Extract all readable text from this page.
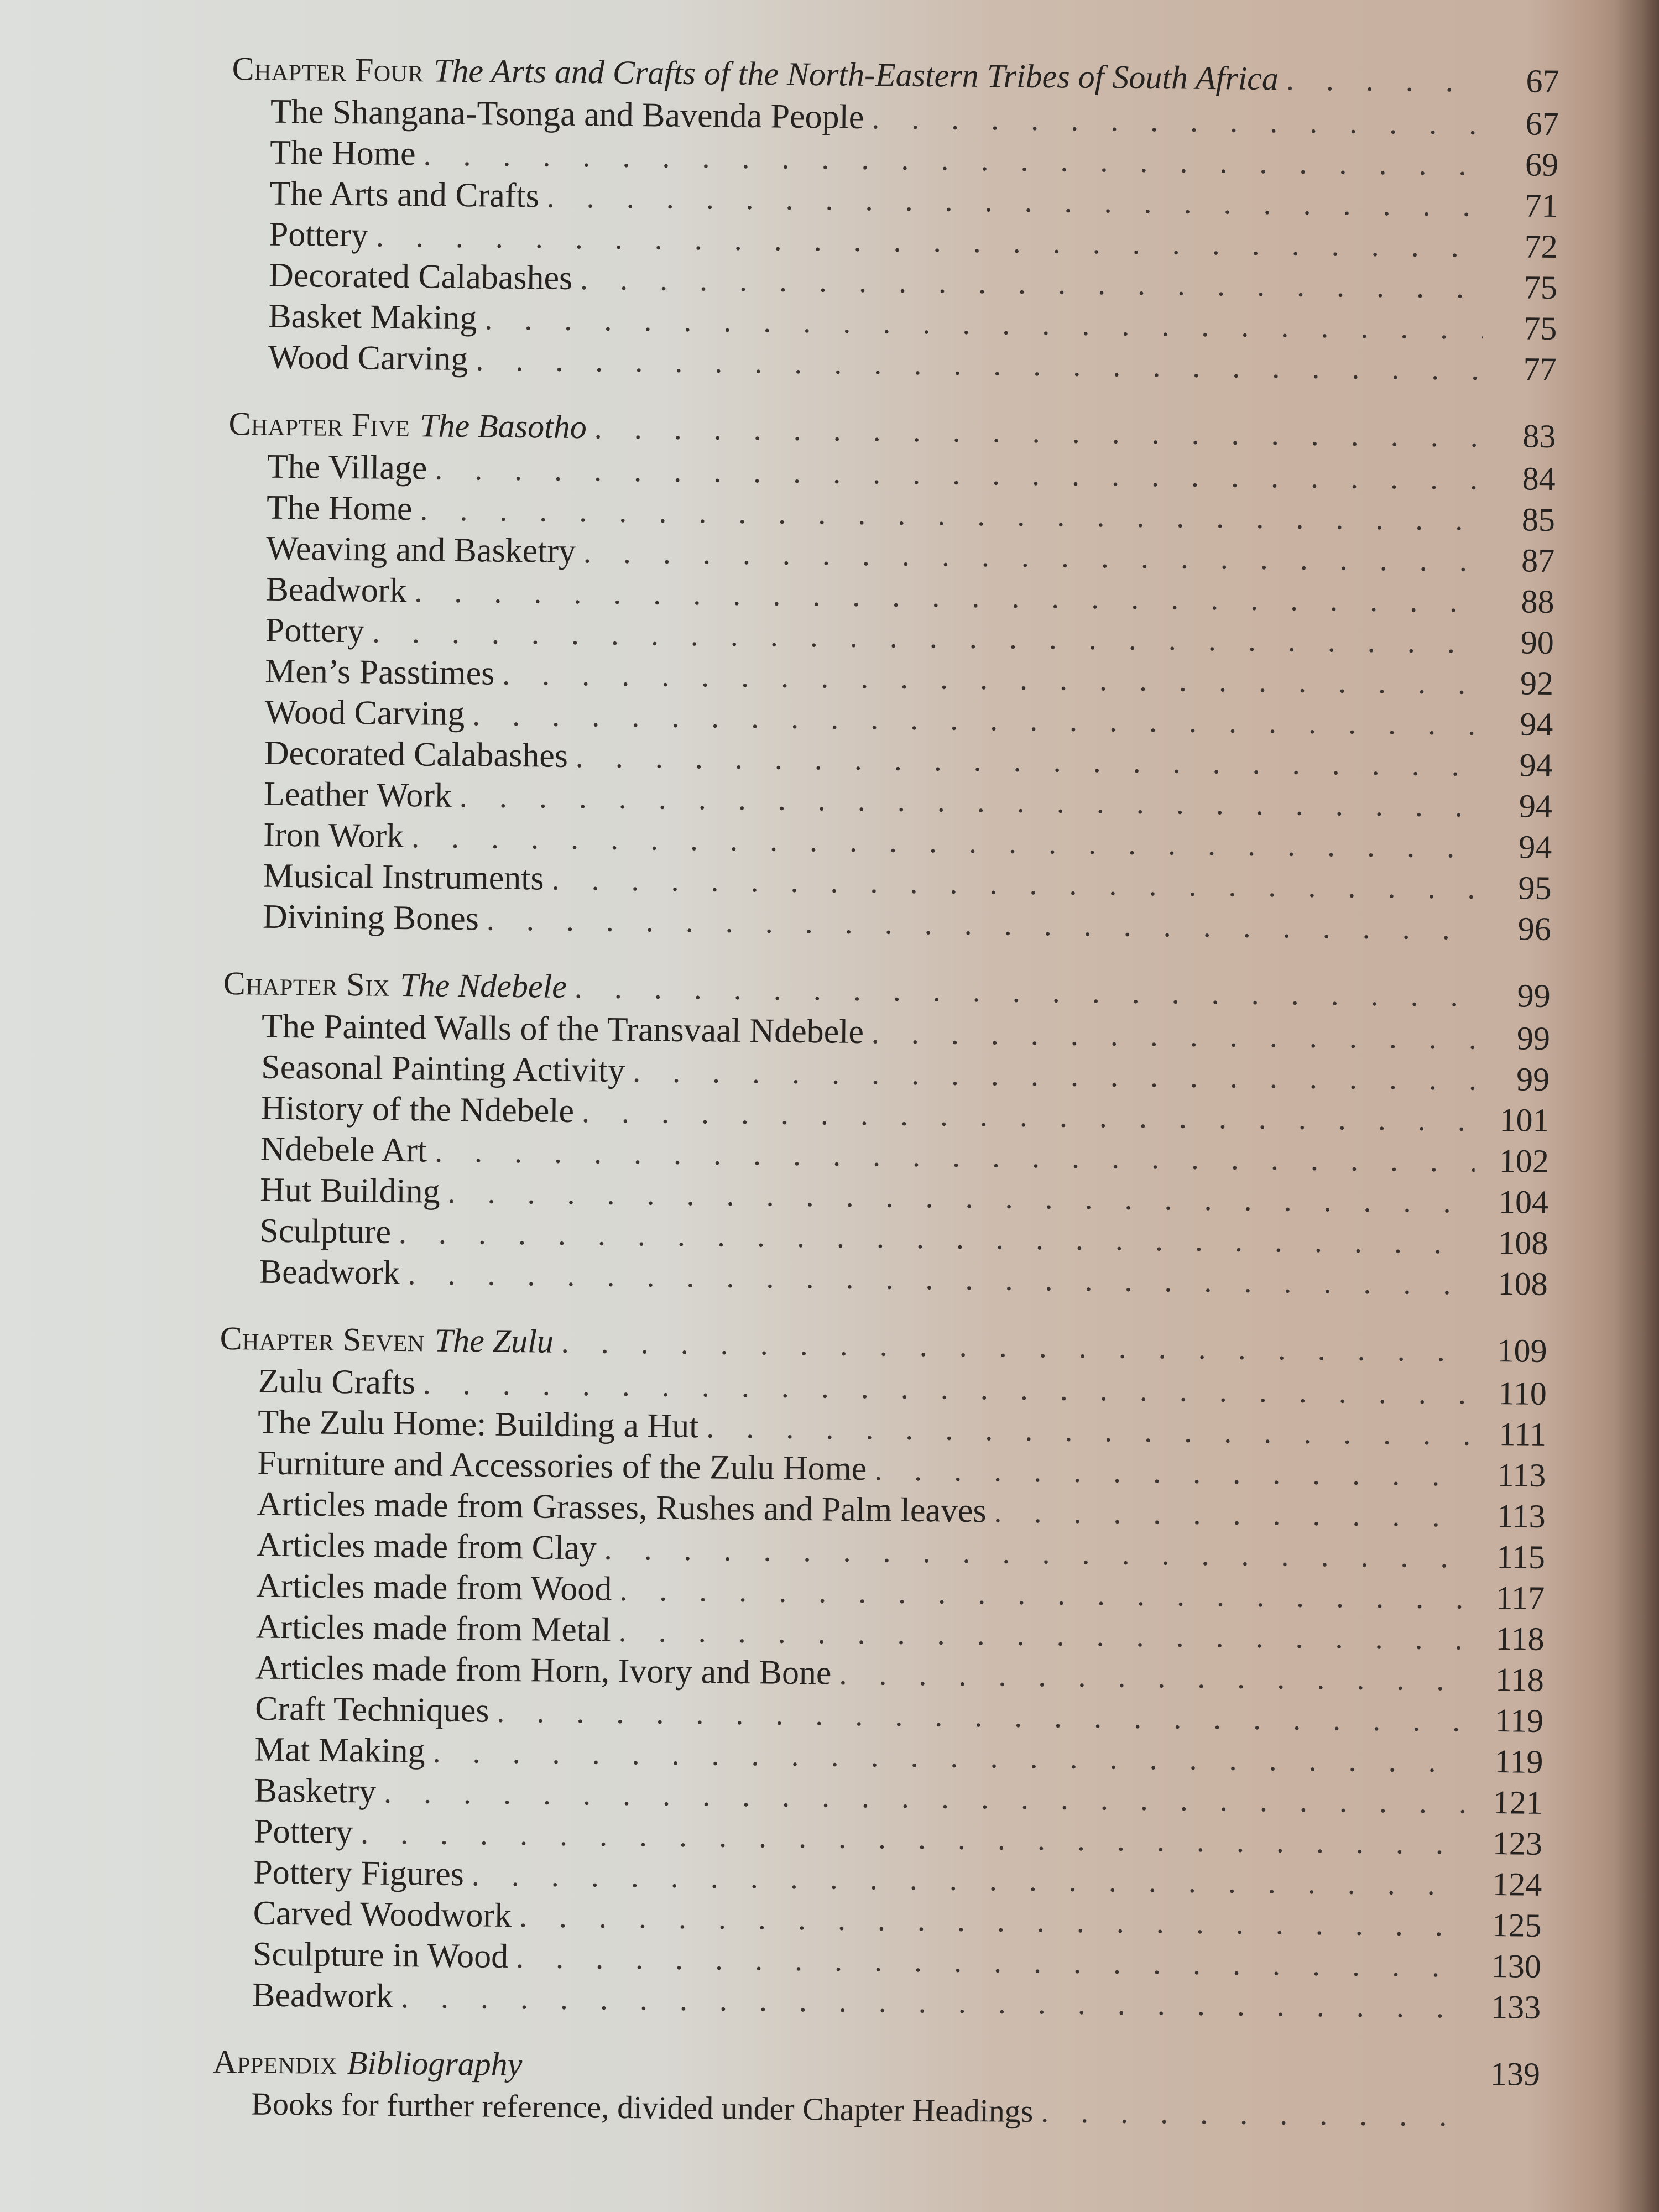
Chapter Four The Arts and Crafts of the North-Eastern Tribes of South Africa . . .	67
The Shangana-Tsonga and Bavenda People . . .	67
The Home . . .	69
The Arts and Crafts . . .	71
Pottery . . .	72
Decorated Calabashes . . .	75
Basket Making . . .	75
Wood Carving . . .	77
Chapter Five The Basotho . . .	83
The Village . . .	84
The Home . . .	85
Weaving and Basketry . . .	87
Beadwork . . .	88
Pottery . . .	90
Men’s Passtimes . . .	92
Wood Carving . . .	94
Decorated Calabashes . . .	94
Leather Work . . .	94
Iron Work . . .	94
Musical Instruments . . .	95
Divining Bones . . .	96
Chapter Six The Ndebele . . .	99
The Painted Walls of the Transvaal Ndebele . . .	99
Seasonal Painting Activity . . .	99
History of the Ndebele . . .	101
Ndebele Art . . .	102
Hut Building . . .	104
Sculpture . . .	108
Beadwork . . .	108
Chapter Seven The Zulu . . .	109
Zulu Crafts . . .	110
The Zulu Home: Building a Hut . . .	111
Furniture and Accessories of the Zulu Home . . .	113
Articles made from Grasses, Rushes and Palm leaves . . .	113
Articles made from Clay . . .	115
Articles made from Wood . . .	117
Articles made from Metal . . .	118
Articles made from Horn, Ivory and Bone . . .	118
Craft Techniques . . .	119
Mat Making . . .	119
Basketry . . .	121
Pottery . . .	123
Pottery Figures . . .	124
Carved Woodwork . . .	125
Sculpture in Wood . . .	130
Beadwork . . .	133
Appendix Bibliography	139
Books for further reference, divided under Chapter Headings
. . .
